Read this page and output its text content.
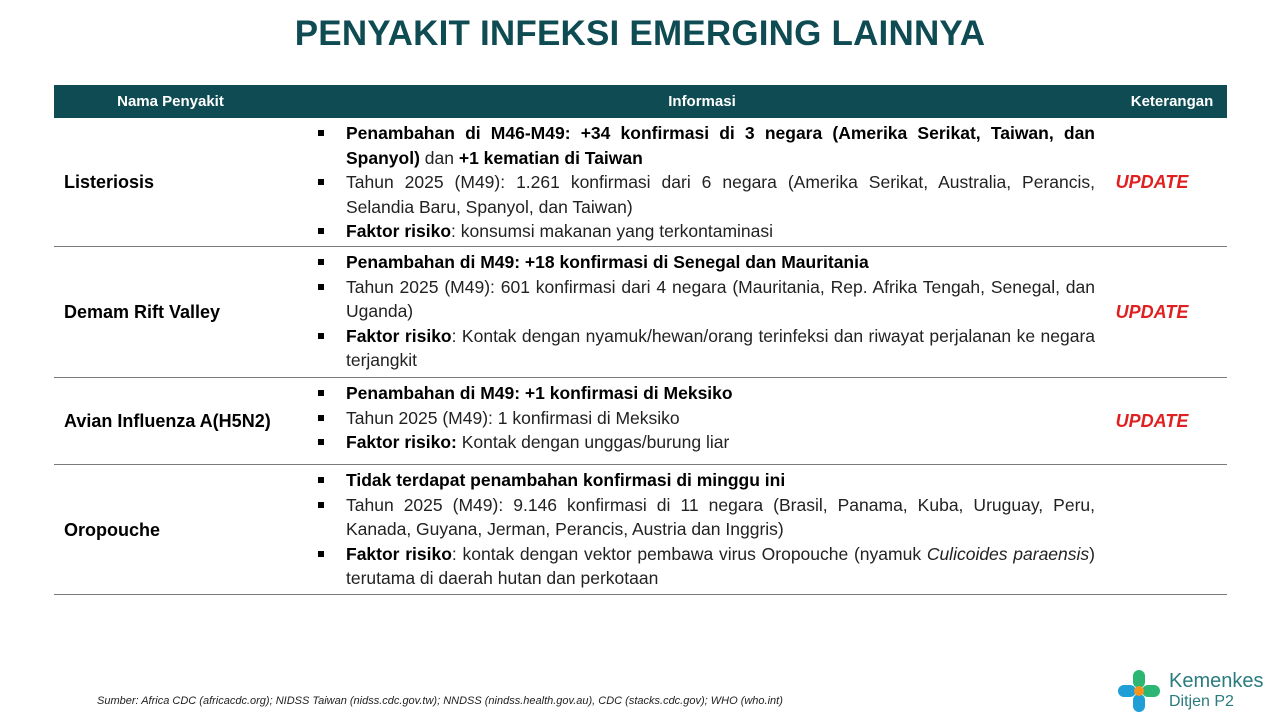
PENYAKIT INFEKSI EMERGING LAINNYA
Nama Penyakit	Informasi	Keterangan
Listeriosis
Penambahan di M46-M49: +34 konfirmasi di 3 negara (Amerika Serikat, Taiwan, dan Spanyol) dan +1 kematian di Taiwan
Tahun 2025 (M49): 1.261 konfirmasi dari 6 negara (Amerika Serikat, Australia, Perancis, Selandia Baru, Spanyol, dan Taiwan)
Faktor risiko: konsumsi makanan yang terkontaminasi
UPDATE
Demam Rift Valley
Penambahan di M49: +18 konfirmasi di Senegal dan Mauritania
Tahun 2025 (M49): 601 konfirmasi dari 4 negara (Mauritania, Rep. Afrika Tengah, Senegal, dan Uganda)
Faktor risiko: Kontak dengan nyamuk/hewan/orang terinfeksi dan riwayat perjalanan ke negara terjangkit
UPDATE
Avian Influenza A(H5N2)
Penambahan di M49: +1 konfirmasi di Meksiko
Tahun 2025 (M49): 1 konfirmasi di Meksiko
Faktor risiko: Kontak dengan unggas/burung liar
UPDATE
Oropouche
Tidak terdapat penambahan konfirmasi di minggu ini
Tahun 2025 (M49): 9.146 konfirmasi di 11 negara (Brasil, Panama, Kuba, Uruguay, Peru, Kanada, Guyana, Jerman, Perancis, Austria dan Inggris)
Faktor risiko: kontak dengan vektor pembawa virus Oropouche (nyamuk Culicoides paraensis) terutama di daerah hutan dan perkotaan
Sumber: Africa CDC (africacdc.org); NIDSS Taiwan (nidss.cdc.gov.tw); NNDSS (nindss.health.gov.au), CDC (stacks.cdc.gov); WHO (who.int)
Kemenkes
Ditjen P2
